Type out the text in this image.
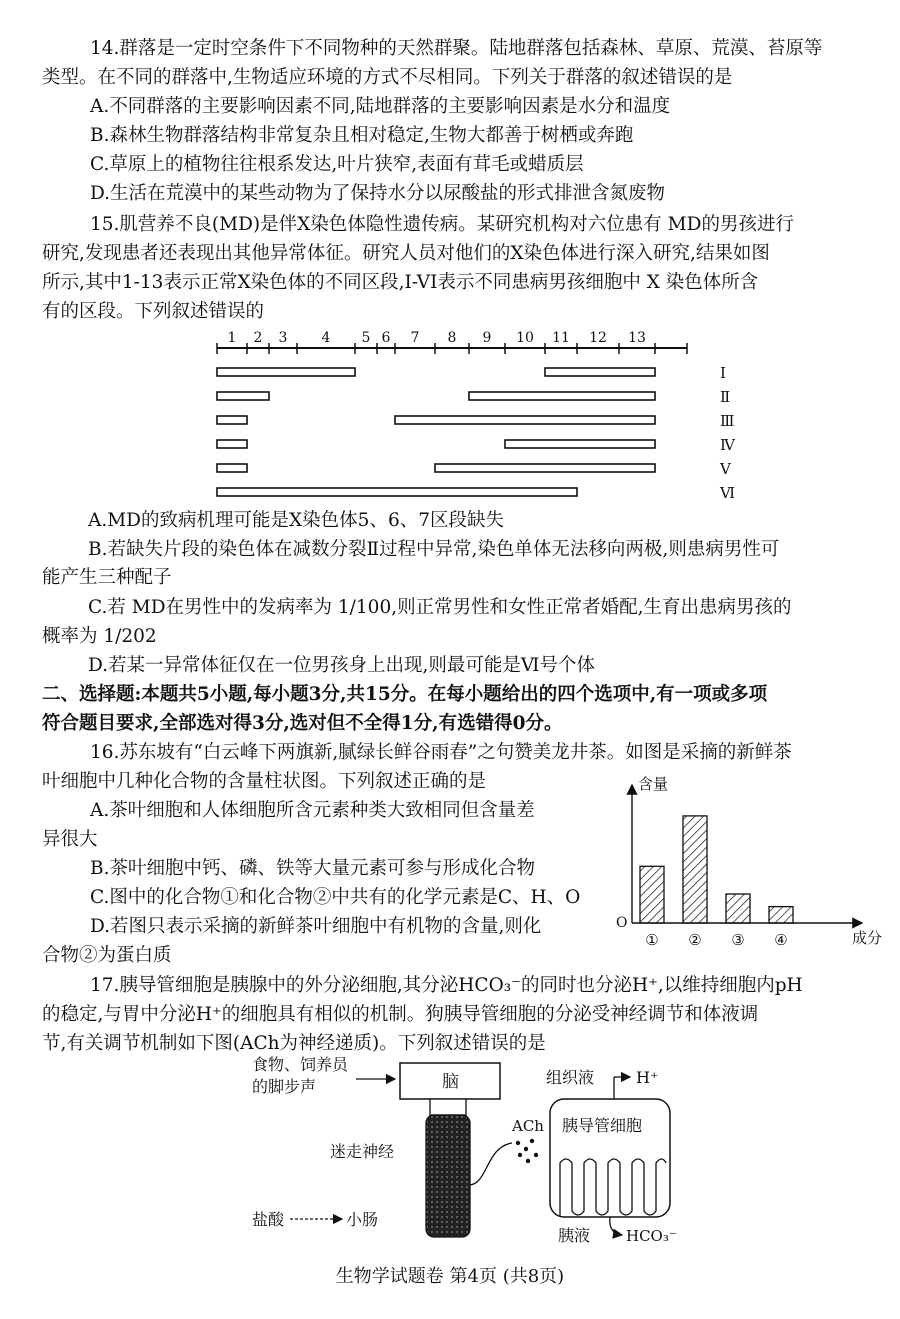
14.群落是一定时空条件下不同物种的天然群聚。陆地群落包括森林、草原、荒漠、苔原等
类型。在不同的群落中,生物适应环境的方式不尽相同。下列关于群落的叙述错误的是
A.不同群落的主要影响因素不同,陆地群落的主要影响因素是水分和温度
B.森林生物群落结构非常复杂且相对稳定,生物大都善于树栖或奔跑
C.草原上的植物往往根系发达,叶片狭窄,表面有茸毛或蜡质层
D.生活在荒漠中的某些动物为了保持水分以尿酸盐的形式排泄含氮废物
15.肌营养不良(MD)是伴X染色体隐性遗传病。某研究机构对六位患有 MD的男孩进行
研究,发现患者还表现出其他异常体征。研究人员对他们的X染色体进行深入研究,结果如图
所示,其中1-13表示正常X染色体的不同区段,I-VI表示不同患病男孩细胞中 X 染色体所含
有的区段。下列叙述错误的
1 2 3 4 5 6 7 8 9 10 11 12 13
Ⅰ
Ⅱ
Ⅲ
Ⅳ
Ⅴ
Ⅵ
A.MD的致病机理可能是X染色体5、6、7区段缺失
B.若缺失片段的染色体在减数分裂Ⅱ过程中异常,染色单体无法移向两极,则患病男性可
能产生三种配子
C.若 MD在男性中的发病率为 1/100,则正常男性和女性正常者婚配,生育出患病男孩的
概率为 1/202
D.若某一异常体征仅在一位男孩身上出现,则最可能是Ⅵ号个体
二、选择题:本题共5小题,每小题3分,共15分。在每小题给出的四个选项中,有一项或多项
符合题目要求,全部选对得3分,选对但不全得1分,有选错得0分。
16.苏东坡有“白云峰下两旗新,腻绿长鲜谷雨春”之句赞美龙井茶。如图是采摘的新鲜茶
叶细胞中几种化合物的含量柱状图。下列叙述正确的是
A.茶叶细胞和人体细胞所含元素种类大致相同但含量差
异很大
B.茶叶细胞中钙、磷、铁等大量元素可参与形成化合物
C.图中的化合物①和化合物②中共有的化学元素是C、H、O
D.若图只表示采摘的新鲜茶叶细胞中有机物的含量,则化
合物②为蛋白质
含量
成分
O
① ② ③ ④
17.胰导管细胞是胰腺中的外分泌细胞,其分泌HCO₃⁻的同时也分泌H⁺,以维持细胞内pH
的稳定,与胃中分泌H⁺的细胞具有相似的机制。狗胰导管细胞的分泌受神经调节和体液调
节,有关调节机制如下图(ACh为神经递质)。下列叙述错误的是
食物、饲养员
的脚步声	脑
迷走神经
盐酸	小肠
ACh
组织液	H⁺
胰导管细胞
胰液 HCO₃⁻
生物学试题卷 第4页 (共8页)
